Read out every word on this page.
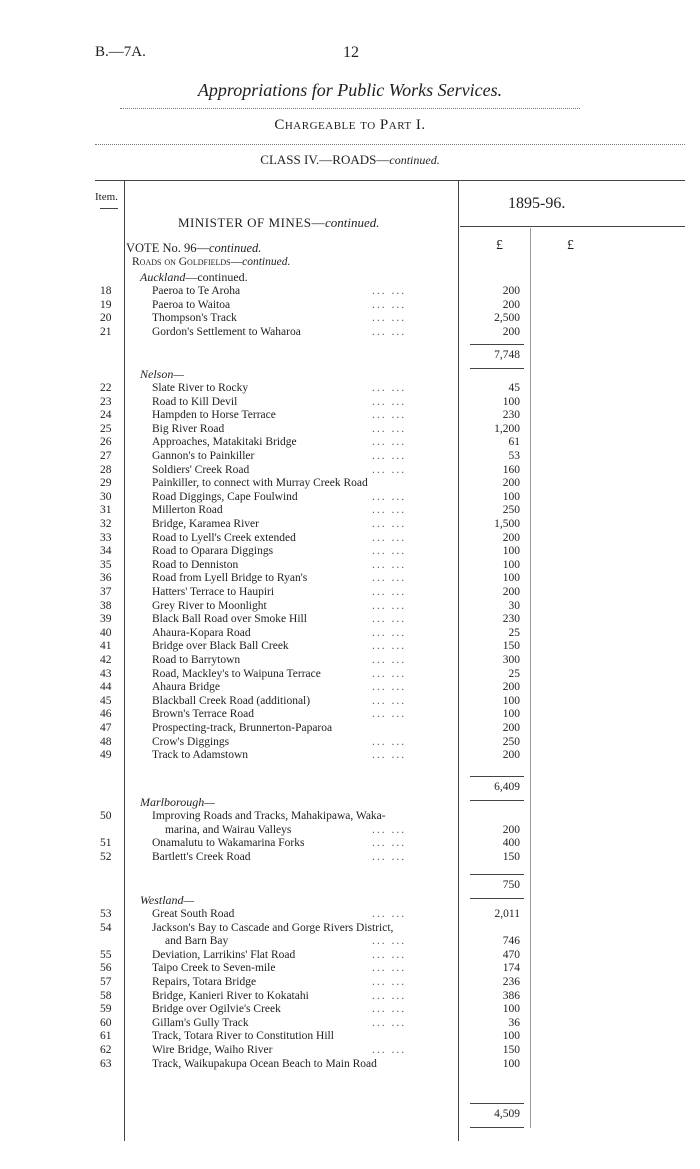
B.—7A.	12
Appropriations for Public Works Services.
Chargeable to Part I.
CLASS IV.—ROADS—continued.
Item.	1895-96.
MINISTER OF MINES—continued.
£	£
VOTE No. 96—continued.
Roads on Goldfields—continued.
Auckland—continued.
18	Paeroa to Te Aroha	... ...	200
19	Paeroa to Waitoa	... ...	200
20	Thompson's Track	... ...	2,500
21	Gordon's Settlement to Waharoa	... ...	200
7,748
Nelson—
22	Slate River to Rocky	... ...	45
23	Road to Kill Devil	... ...	100
24	Hampden to Horse Terrace	... ...	230
25	Big River Road	... ...	1,200
26	Approaches, Matakitaki Bridge	... ...	61
27	Gannon's to Painkiller	... ...	53
28	Soldiers' Creek Road	... ...	160
29	Painkiller, to connect with Murray Creek Road	200
30	Road Diggings, Cape Foulwind	... ...	100
31	Millerton Road	... ...	250
32	Bridge, Karamea River	... ...	1,500
33	Road to Lyell's Creek extended	... ...	200
34	Road to Oparara Diggings	... ...	100
35	Road to Denniston	... ...	100
36	Road from Lyell Bridge to Ryan's	... ...	100
37	Hatters' Terrace to Haupiri	... ...	200
38	Grey River to Moonlight	... ...	30
39	Black Ball Road over Smoke Hill	... ...	230
40	Ahaura-Kopara Road	... ...	25
41	Bridge over Black Ball Creek	... ...	150
42	Road to Barrytown	... ...	300
43	Road, Mackley's to Waipuna Terrace	... ...	25
44	Ahaura Bridge	... ...	200
45	Blackball Creek Road (additional)	... ...	100
46	Brown's Terrace Road	... ...	100
47	Prospecting-track, Brunnerton-Paparoa	200
48	Crow's Diggings	... ...	250
49	Track to Adamstown	... ...	200
6,409
Marlborough—
50	Improving Roads and Tracks, Mahakipawa, Waka-
marina, and Wairau Valleys	... ...	200
51	Onamalutu to Wakamarina Forks	... ...	400
52	Bartlett's Creek Road	... ...	150
750
Westland—
53	Great South Road	... ...	2,011
54	Jackson's Bay to Cascade and Gorge Rivers District,
and Barn Bay	... ...	746
55	Deviation, Larrikins' Flat Road	... ...	470
56	Taipo Creek to Seven-mile	... ...	174
57	Repairs, Totara Bridge	... ...	236
58	Bridge, Kanieri River to Kokatahi	... ...	386
59	Bridge over Ogilvie's Creek	... ...	100
60	Gillam's Gully Track	... ...	36
61	Track, Totara River to Constitution Hill	100
62	Wire Bridge, Waiho River	... ...	150
63	Track, Waikupakupa Ocean Beach to Main Road	100
4,509
